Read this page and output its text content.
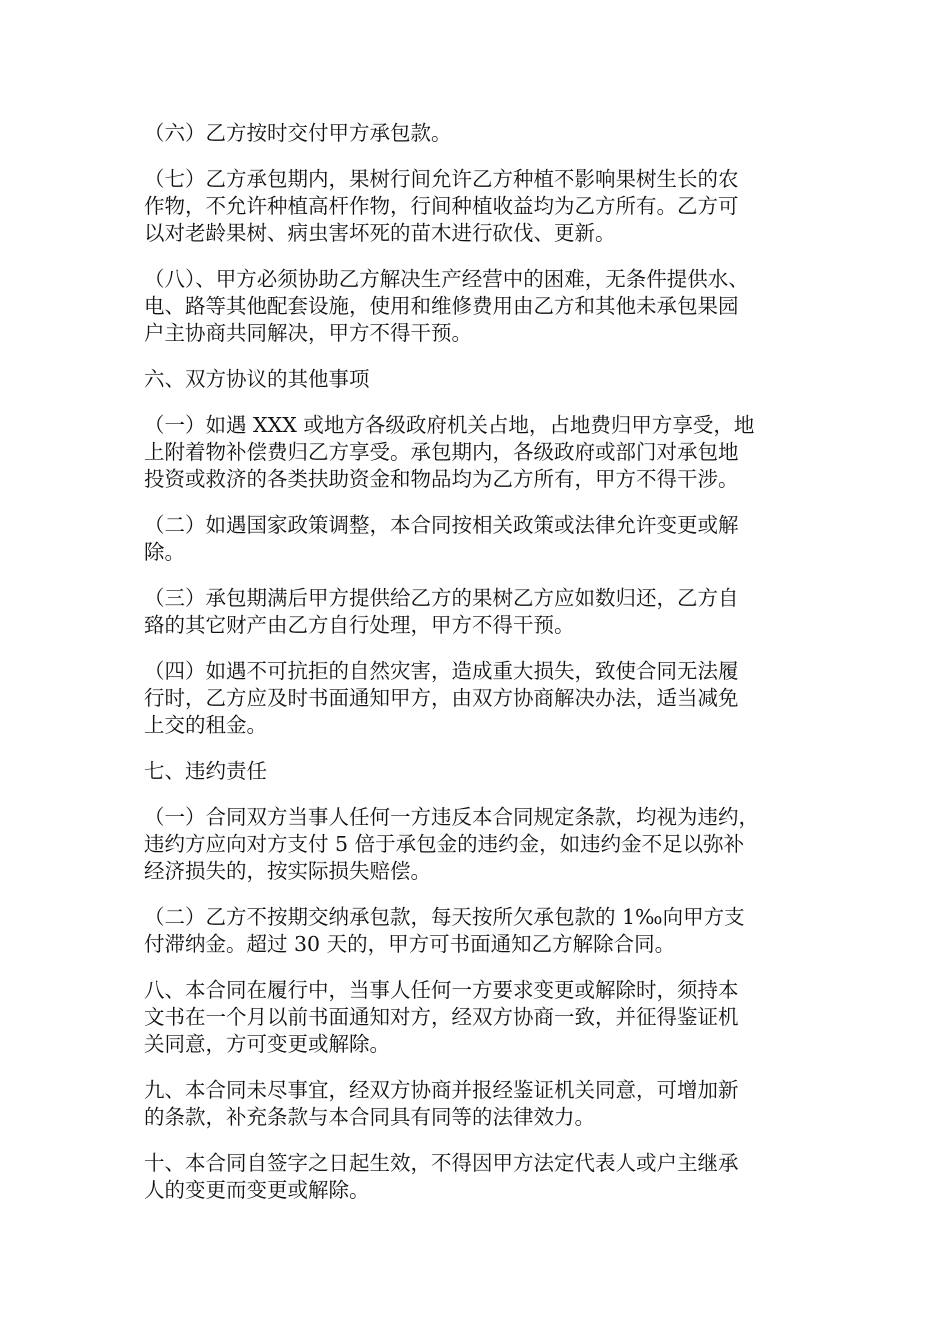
（六）乙方按时交付甲方承包款。

（七）乙方承包期内，果树行间允许乙方种植不影响果树生长的农
作物，不允许种植高杆作物，行间种植收益均为乙方所有。乙方可
以对老龄果树、病虫害坏死的苗木进行砍伐、更新。

（八）、甲方必须协助乙方解决生产经营中的困难，无条件提供水、
电、路等其他配套设施，使用和维修费用由乙方和其他未承包果园
户主协商共同解决，甲方不得干预。

六、双方协议的其他事项

（一）如遇 XXX 或地方各级政府机关占地，占地费归甲方享受，地
上附着物补偿费归乙方享受。承包期内，各级政府或部门对承包地
投资或救济的各类扶助资金和物品均为乙方所有，甲方不得干涉。

（二）如遇国家政策调整，本合同按相关政策或法律允许变更或解
除。

（三）承包期满后甲方提供给乙方的果树乙方应如数归还，乙方自
臵的其它财产由乙方自行处理，甲方不得干预。

（四）如遇不可抗拒的自然灾害，造成重大损失，致使合同无法履
行时，乙方应及时书面通知甲方，由双方协商解决办法，适当减免
上交的租金。

七、违约责任

（一）合同双方当事人任何一方违反本合同规定条款，均视为违约，
违约方应向对方支付 5 倍于承包金的违约金，如违约金不足以弥补
经济损失的，按实际损失赔偿。

（二）乙方不按期交纳承包款，每天按所欠承包款的 1‰向甲方支
付滞纳金。超过 30 天的，甲方可书面通知乙方解除合同。

八、本合同在履行中，当事人任何一方要求变更或解除时，须持本
文书在一个月以前书面通知对方，经双方协商一致，并征得鉴证机
关同意，方可变更或解除。

九、本合同未尽事宜，经双方协商并报经鉴证机关同意，可增加新
的条款，补充条款与本合同具有同等的法律效力。

十、本合同自签字之日起生效，不得因甲方法定代表人或户主继承
人的变更而变更或解除。
